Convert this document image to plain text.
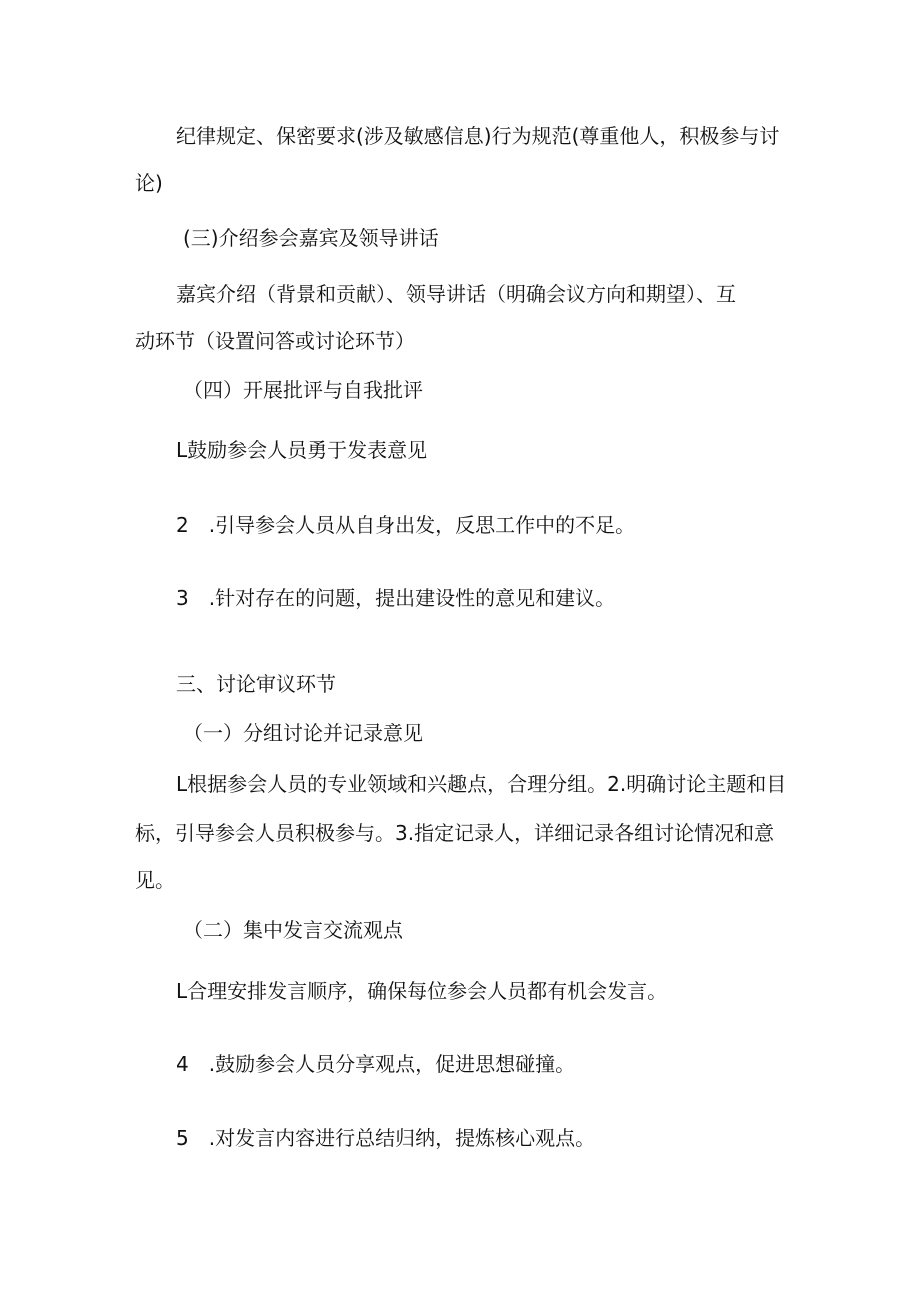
纪律规定、保密要求(涉及敏感信息)行为规范(尊重他人，积极参与讨
论)
(三)介绍参会嘉宾及领导讲话
嘉宾介绍（背景和贡献）、领导讲话（明确会议方向和期望）、互
动环节（设置问答或讨论环节）
（四）开展批评与自我批评
L鼓励参会人员勇于发表意见
2　.引导参会人员从自身出发，反思工作中的不足。
3　.针对存在的问题，提出建设性的意见和建议。
三、讨论审议环节
（一）分组讨论并记录意见
L根据参会人员的专业领域和兴趣点，合理分组。2.明确讨论主题和目
标，引导参会人员积极参与。3.指定记录人，详细记录各组讨论情况和意
见。
（二）集中发言交流观点
L合理安排发言顺序，确保每位参会人员都有机会发言。
4　.鼓励参会人员分享观点，促进思想碰撞。
5　.对发言内容进行总结归纳，提炼核心观点。
